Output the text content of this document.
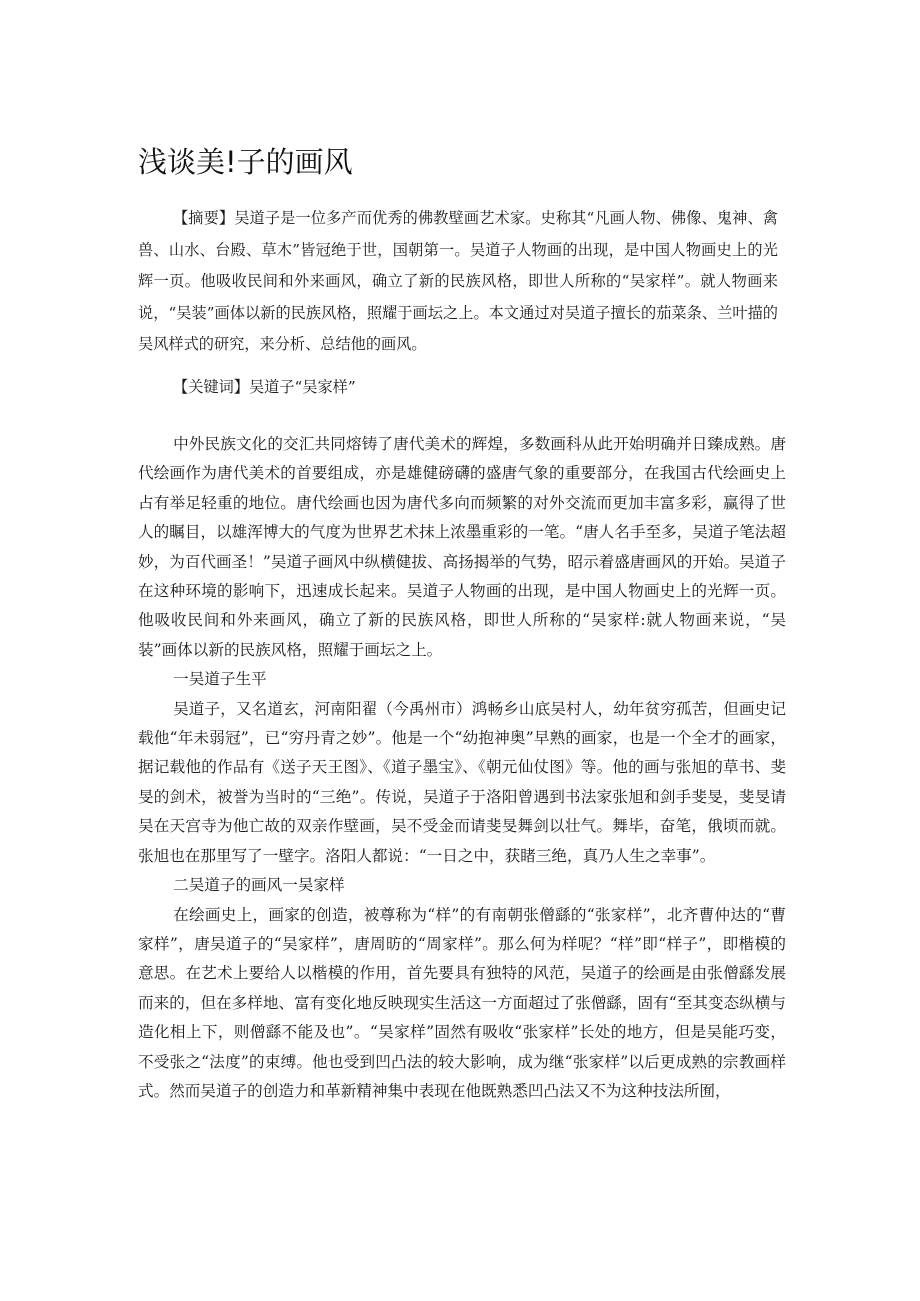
浅谈美!子的画风

【摘要】吴道子是一位多产而优秀的佛教壁画艺术家。史称其“凡画人物、佛像、鬼神、禽兽、山水、台殿、草木”皆冠绝于世，国朝第一。吴道子人物画的出现，是中国人物画史上的光辉一页。他吸收民间和外来画风，确立了新的民族风格，即世人所称的“吴家样”。就人物画来说，“吴装”画体以新的民族风格，照耀于画坛之上。本文通过对吴道子擅长的茄菜条、兰叶描的吴风样式的研究，来分析、总结他的画风。

【关键词】吴道子“吴家样”

中外民族文化的交汇共同熔铸了唐代美术的辉煌，多数画科从此开始明确并日臻成熟。唐代绘画作为唐代美术的首要组成，亦是雄健磅礴的盛唐气象的重要部分，在我国古代绘画史上占有举足轻重的地位。唐代绘画也因为唐代多向而频繁的对外交流而更加丰富多彩，赢得了世人的瞩目，以雄浑博大的气度为世界艺术抹上浓墨重彩的一笔。“唐人名手至多，吴道子笔法超妙，为百代画圣！”吴道子画风中纵横健拔、高扬揭举的气势，昭示着盛唐画风的开始。吴道子在这种环境的影响下，迅速成长起来。吴道子人物画的出现，是中国人物画史上的光辉一页。他吸收民间和外来画风，确立了新的民族风格，即世人所称的“吴家样:就人物画来说，“吴装”画体以新的民族风格，照耀于画坛之上。

一吴道子生平

吴道子，又名道玄，河南阳翟（今禹州市）鸿畅乡山底吴村人，幼年贫穷孤苦，但画史记载他“年未弱冠”，已“穷丹青之妙”。他是一个“幼抱神奥”早熟的画家，也是一个全才的画家，据记载他的作品有《送子天王图》、《道子墨宝》、《朝元仙仗图》等。他的画与张旭的草书、斐旻的剑术，被誉为当时的“三绝”。传说，吴道子于洛阳曾遇到书法家张旭和剑手斐旻，斐旻请吴在天宫寺为他亡故的双亲作壁画，吴不受金而请斐旻舞剑以壮气。舞毕，奋笔，俄顷而就。张旭也在那里写了一壁字。洛阳人都说：“一日之中，获睹三绝，真乃人生之幸事”。

二吴道子的画风一吴家样

在绘画史上，画家的创造，被尊称为“样”的有南朝张僧繇的“张家样”，北齐曹仲达的“曹家样”，唐吴道子的“吴家样”，唐周昉的“周家样”。那么何为样呢？“样”即“样子”，即楷模的意思。在艺术上要给人以楷模的作用，首先要具有独特的风范，吴道子的绘画是由张僧繇发展而来的，但在多样地、富有变化地反映现实生活这一方面超过了张僧繇，固有“至其变态纵横与造化相上下，则僧繇不能及也”。“吴家样”固然有吸收“张家样”长处的地方，但是吴能巧变，不受张之“法度”的束缚。他也受到凹凸法的较大影响，成为继“张家样”以后更成熟的宗教画样式。然而吴道子的创造力和革新精神集中表现在他既熟悉凹凸法又不为这种技法所囿，
